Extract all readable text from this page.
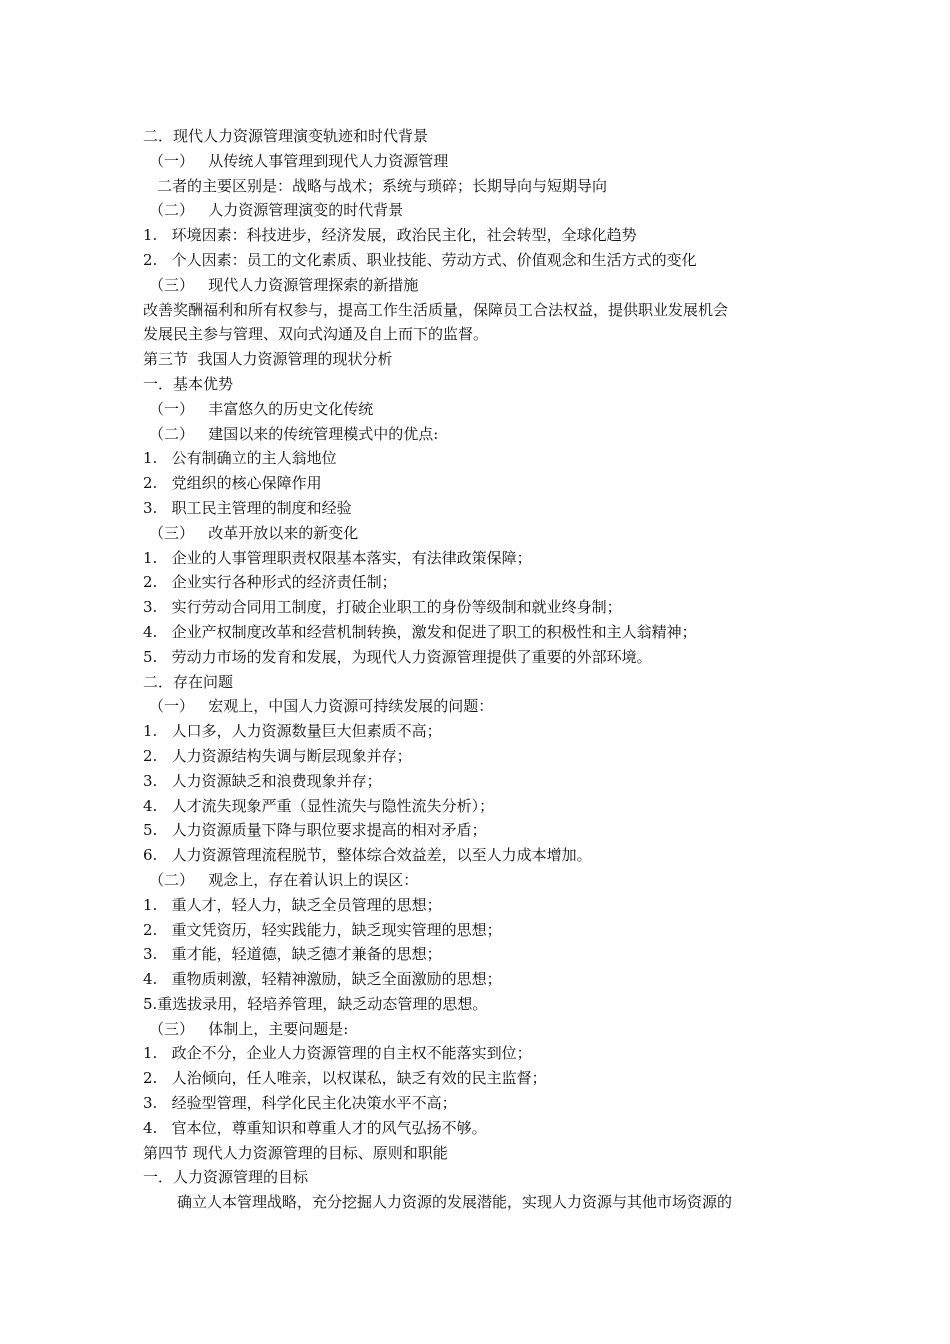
二．现代人力资源管理演变轨迹和时代背景
（一）   从传统人事管理到现代人力资源管理
二者的主要区别是：战略与战术；系统与琐碎；长期导向与短期导向
（二）   人力资源管理演变的时代背景
1.   环境因素：科技进步，经济发展，政治民主化，社会转型，全球化趋势
2.   个人因素：员工的文化素质、职业技能、劳动方式、价值观念和生活方式的变化
（三）   现代人力资源管理探索的新措施
改善奖酬福利和所有权参与，提高工作生活质量，保障员工合法权益，提供职业发展机会
发展民主参与管理、双向式沟通及自上而下的监督。
第三节  我国人力资源管理的现状分析
一．基本优势
（一）   丰富悠久的历史文化传统
（二）   建国以来的传统管理模式中的优点:
1.   公有制确立的主人翁地位
2.   党组织的核心保障作用
3.   职工民主管理的制度和经验
（三）   改革开放以来的新变化
1.   企业的人事管理职责权限基本落实，有法律政策保障；
2.   企业实行各种形式的经济责任制；
3.   实行劳动合同用工制度，打破企业职工的身份等级制和就业终身制；
4.   企业产权制度改革和经营机制转换，激发和促进了职工的积极性和主人翁精神；
5.   劳动力市场的发育和发展，为现代人力资源管理提供了重要的外部环境。
二．存在问题
（一）   宏观上，中国人力资源可持续发展的问题：
1.   人口多，人力资源数量巨大但素质不高；
2.   人力资源结构失调与断层现象并存；
3.   人力资源缺乏和浪费现象并存；
4.   人才流失现象严重（显性流失与隐性流失分析）；
5.   人力资源质量下降与职位要求提高的相对矛盾；
6.   人力资源管理流程脱节，整体综合效益差，以至人力成本增加。
（二）   观念上，存在着认识上的误区：
1.   重人才，轻人力，缺乏全员管理的思想；
2.   重文凭资历，轻实践能力，缺乏现实管理的思想；
3.   重才能，轻道德，缺乏德才兼备的思想；
4.   重物质刺激，轻精神激励，缺乏全面激励的思想；
5.重选拔录用，轻培养管理，缺乏动态管理的思想。
（三）   体制上，主要问题是:
1.   政企不分，企业人力资源管理的自主权不能落实到位；
2.   人治倾向，任人唯亲，以权谋私，缺乏有效的民主监督；
3.   经验型管理，科学化民主化决策水平不高；
4.   官本位，尊重知识和尊重人才的风气弘扬不够。
第四节 现代人力资源管理的目标、原则和职能
一．人力资源管理的目标
确立人本管理战略，充分挖掘人力资源的发展潜能，实现人力资源与其他市场资源的
